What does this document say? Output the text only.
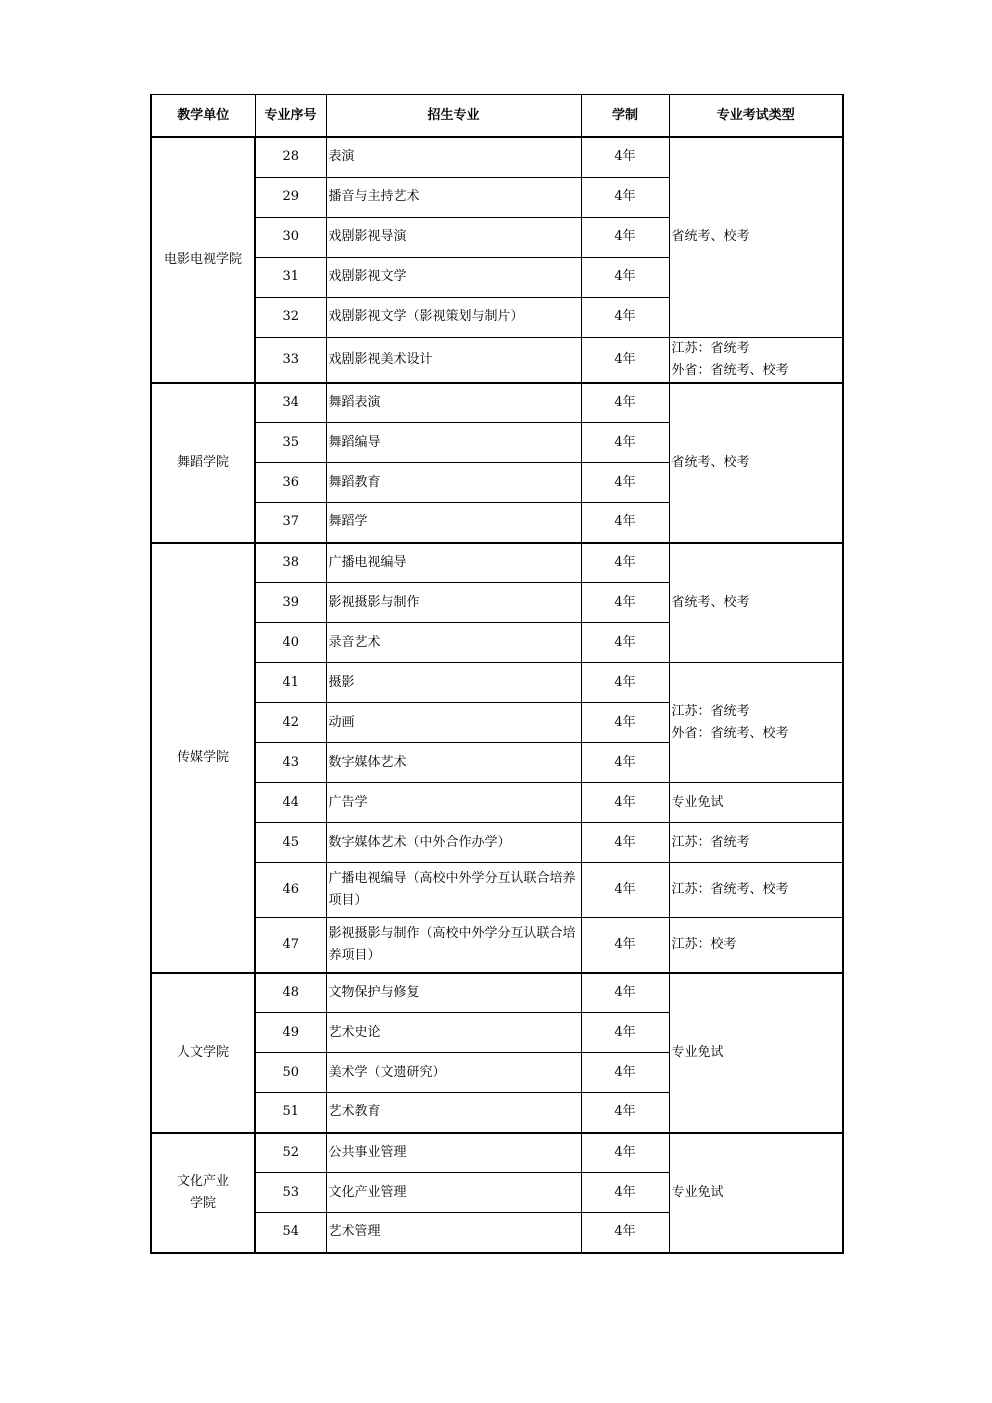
教学单位	专业序号	招生专业	学制	专业考试类型
电影电视学院	28	表演	4年	省统考、校考
	29	播音与主持艺术	4年	
	30	戏剧影视导演	4年	
	31	戏剧影视文学	4年	
	32	戏剧影视文学（影视策划与制片）	4年	
	33	戏剧影视美术设计	4年	江苏：省统考
外省：省统考、校考
舞蹈学院	34	舞蹈表演	4年	省统考、校考
	35	舞蹈编导	4年	
	36	舞蹈教育	4年	
	37	舞蹈学	4年	
传媒学院	38	广播电视编导	4年	省统考、校考
	39	影视摄影与制作	4年	
	40	录音艺术	4年	
	41	摄影	4年	江苏：省统考
外省：省统考、校考
	42	动画	4年	
	43	数字媒体艺术	4年	
	44	广告学	4年	专业免试
	45	数字媒体艺术（中外合作办学）	4年	江苏：省统考
	46	广播电视编导（高校中外学分互认联合培养项目）	4年	江苏：省统考、校考
	47	影视摄影与制作（高校中外学分互认联合培养项目）	4年	江苏：校考
人文学院	48	文物保护与修复	4年	专业免试
	49	艺术史论	4年	
	50	美术学（文遗研究）	4年	
	51	艺术教育	4年	
文化产业
学院	52	公共事业管理	4年	专业免试
	53	文化产业管理	4年	
	54	艺术管理	4年	
